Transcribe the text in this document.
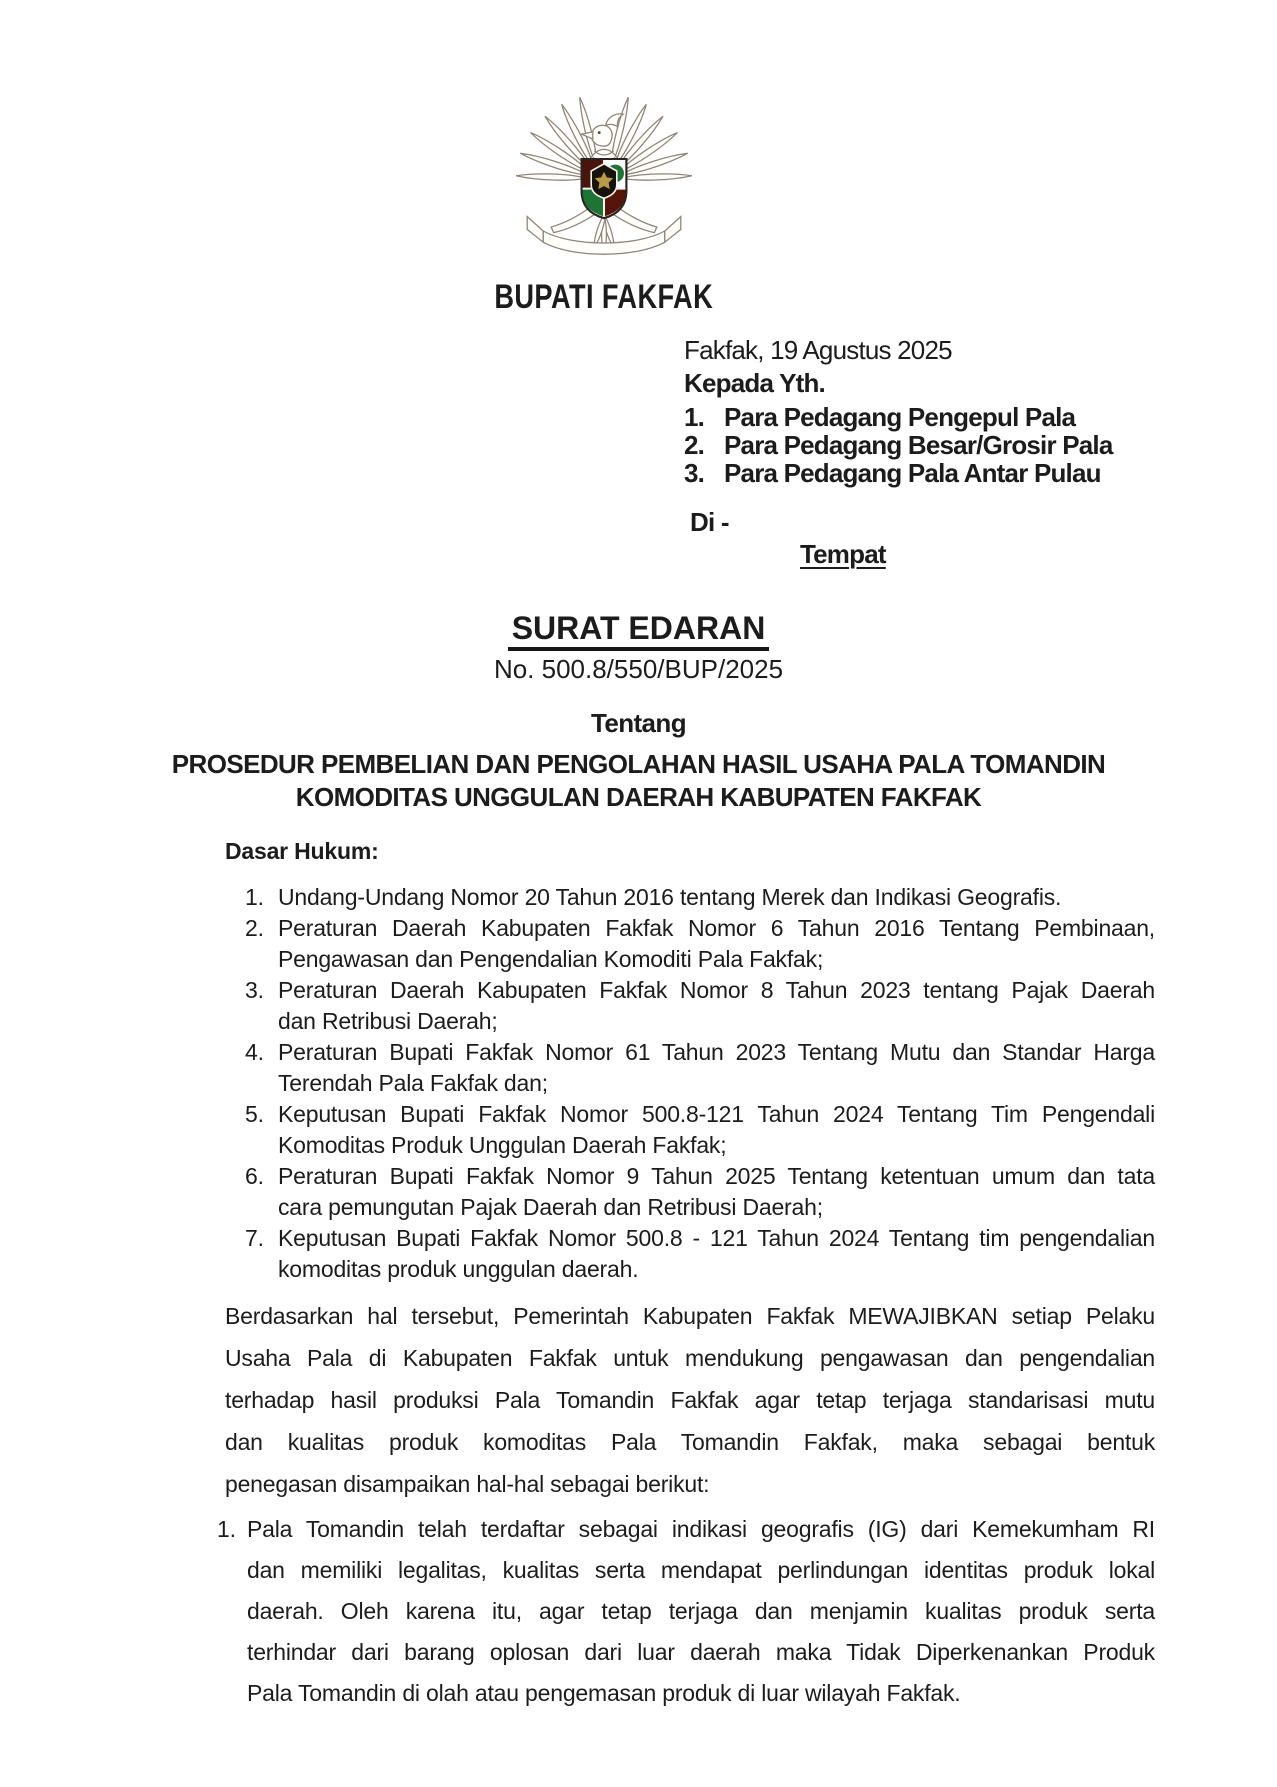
BUPATI FAKFAK
Fakfak, 19 Agustus 2025
Kepada Yth.
1. Para Pedagang Pengepul Pala
2. Para Pedagang Besar/Grosir Pala
3. Para Pedagang Pala Antar Pulau
Di -
Tempat
SURAT EDARAN
No. 500.8/550/BUP/2025
Tentang
PROSEDUR PEMBELIAN DAN PENGOLAHAN HASIL USAHA PALA TOMANDIN
KOMODITAS UNGGULAN DAERAH KABUPATEN FAKFAK
Dasar Hukum:
1. Undang-Undang Nomor 20 Tahun 2016 tentang Merek dan Indikasi Geografis.
2. Peraturan Daerah Kabupaten Fakfak Nomor 6 Tahun 2016 Tentang Pembinaan,
Pengawasan dan Pengendalian Komoditi Pala Fakfak;
3. Peraturan Daerah Kabupaten Fakfak Nomor 8 Tahun 2023 tentang Pajak Daerah
dan Retribusi Daerah;
4. Peraturan Bupati Fakfak Nomor 61 Tahun 2023 Tentang Mutu dan Standar Harga
Terendah Pala Fakfak dan;
5. Keputusan Bupati Fakfak Nomor 500.8-121 Tahun 2024 Tentang Tim Pengendali
Komoditas Produk Unggulan Daerah Fakfak;
6. Peraturan Bupati Fakfak Nomor 9 Tahun 2025 Tentang ketentuan umum dan tata
cara pemungutan Pajak Daerah dan Retribusi Daerah;
7. Keputusan Bupati Fakfak Nomor 500.8 - 121 Tahun 2024 Tentang tim pengendalian
komoditas produk unggulan daerah.
Berdasarkan hal tersebut, Pemerintah Kabupaten Fakfak MEWAJIBKAN setiap Pelaku
Usaha Pala di Kabupaten Fakfak untuk mendukung pengawasan dan pengendalian
terhadap hasil produksi Pala Tomandin Fakfak agar tetap terjaga standarisasi mutu
dan kualitas produk komoditas Pala Tomandin Fakfak, maka sebagai bentuk
penegasan disampaikan hal-hal sebagai berikut:
1. Pala Tomandin telah terdaftar sebagai indikasi geografis (IG) dari Kemekumham RI
dan memiliki legalitas, kualitas serta mendapat perlindungan identitas produk lokal
daerah. Oleh karena itu, agar tetap terjaga dan menjamin kualitas produk serta
terhindar dari barang oplosan dari luar daerah maka Tidak Diperkenankan Produk
Pala Tomandin di olah atau pengemasan produk di luar wilayah Fakfak.
